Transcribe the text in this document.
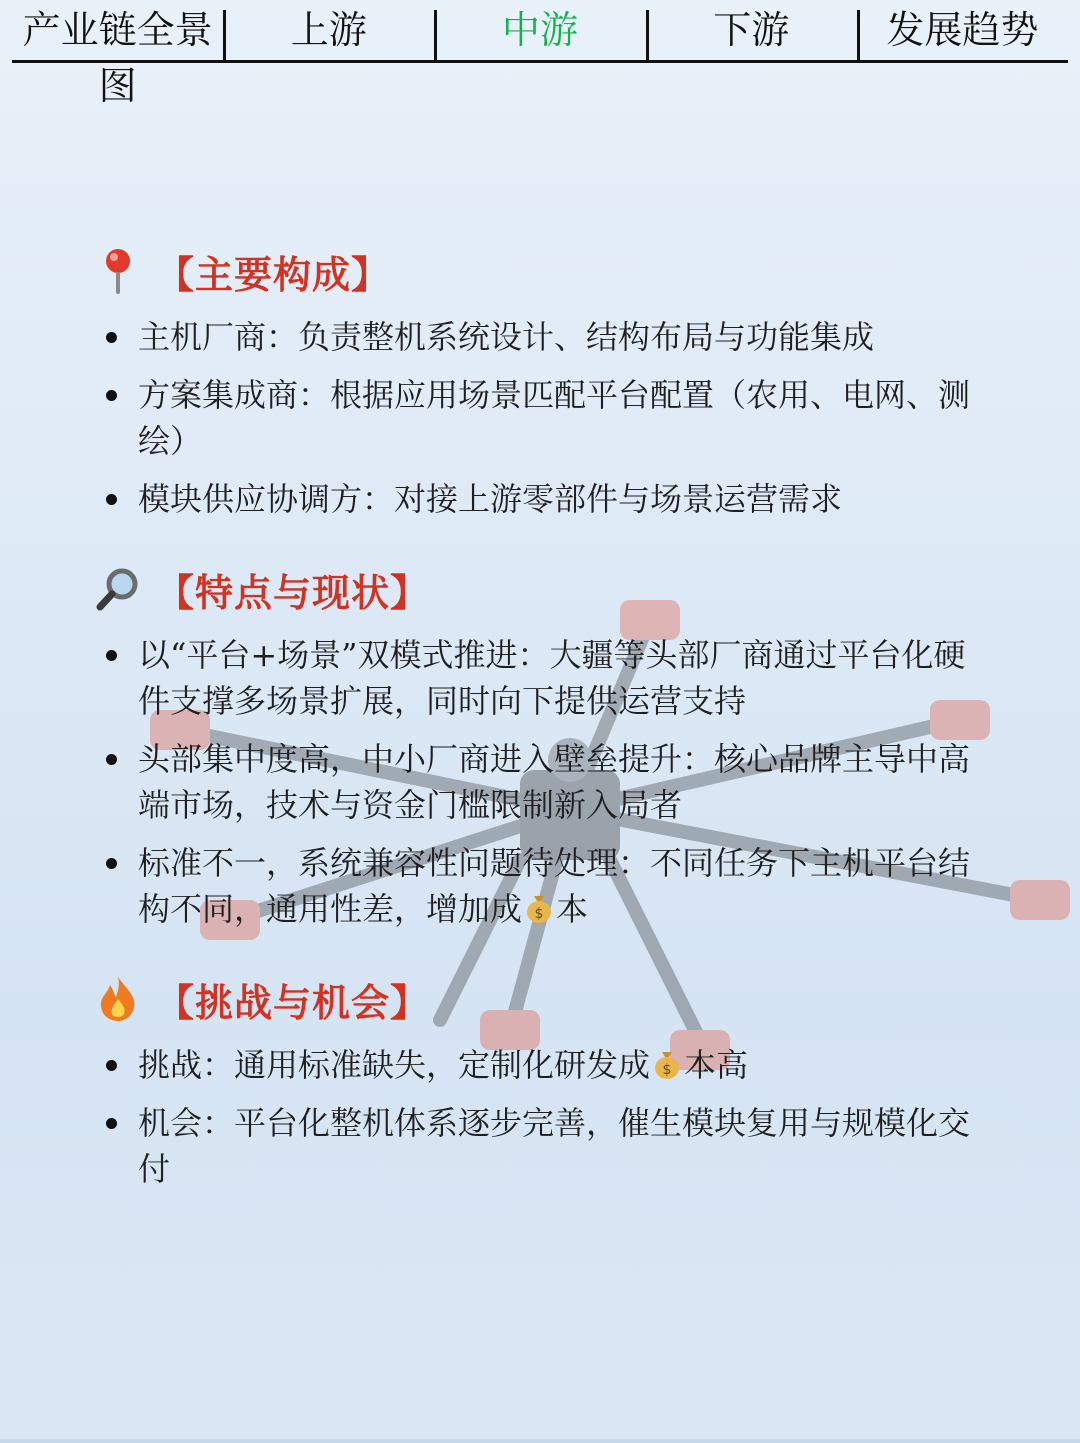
产业链全景图
上游	中游	下游	发展趋势
【主要构成】
主机厂商：负责整机系统设计、结构布局与功能集成
方案集成商：根据应用场景匹配平台配置（农用、电网、测绘）
模块供应协调方：对接上游零部件与场景运营需求
【特点与现状】
以“平台+场景”双模式推进：大疆等头部厂商通过平台化硬件支撑多场景扩展，同时向下提供运营支持
头部集中度高，中小厂商进入壁垒提升：核心品牌主导中高端市场，技术与资金门槛限制新入局者
标准不一，系统兼容性问题待处理：不同任务下主机平台结构不同，通用性差，增加成 $ 本
【挑战与机会】
挑战：通用标准缺失，定制化研发成 $ 本高
机会：平台化整机体系逐步完善，催生模块复用与规模化交付
